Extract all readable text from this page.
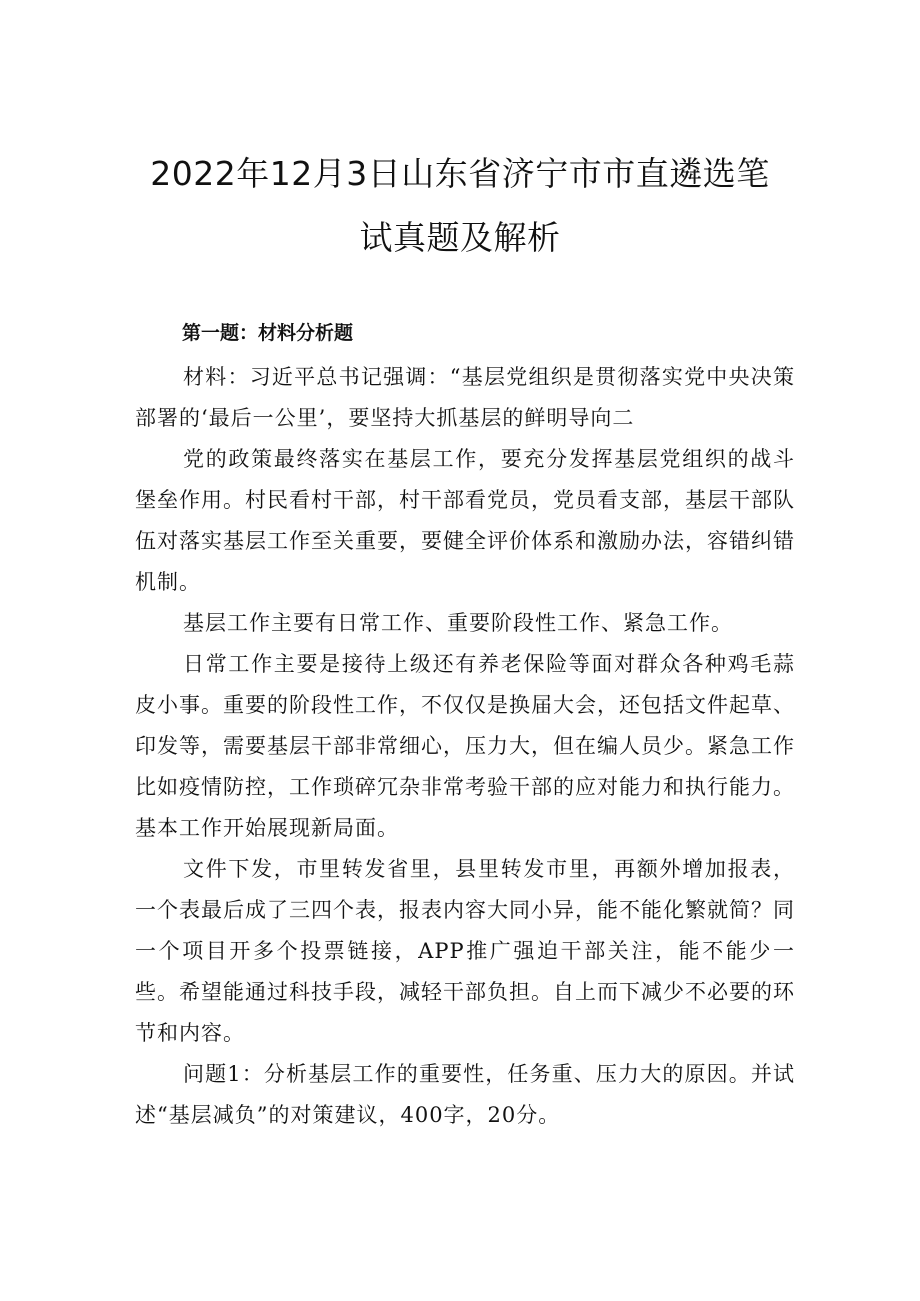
2022年12月3日山东省济宁市市直遴选笔
试真题及解析
第一题：材料分析题

材料：习近平总书记强调：“基层党组织是贯彻落实党中央决策部署的‘最后一公里’，要坚持大抓基层的鲜明导向二

党的政策最终落实在基层工作，要充分发挥基层党组织的战斗堡垒作用。村民看村干部，村干部看党员，党员看支部，基层干部队伍对落实基层工作至关重要，要健全评价体系和激励办法，容错纠错机制。

基层工作主要有日常工作、重要阶段性工作、紧急工作。

日常工作主要是接待上级还有养老保险等面对群众各种鸡毛蒜皮小事。重要的阶段性工作，不仅仅是换届大会，还包括文件起草、印发等，需要基层干部非常细心，压力大，但在编人员少。紧急工作比如疫情防控，工作琐碎冗杂非常考验干部的应对能力和执行能力。基本工作开始展现新局面。

文件下发，市里转发省里，县里转发市里，再额外增加报表，一个表最后成了三四个表，报表内容大同小异，能不能化繁就简？同一个项目开多个投票链接，APP推广强迫干部关注，能不能少一些。希望能通过科技手段，减轻干部负担。自上而下减少不必要的环节和内容。

问题1：分析基层工作的重要性，任务重、压力大的原因。并试述“基层减负”的对策建议，400字，20分。
